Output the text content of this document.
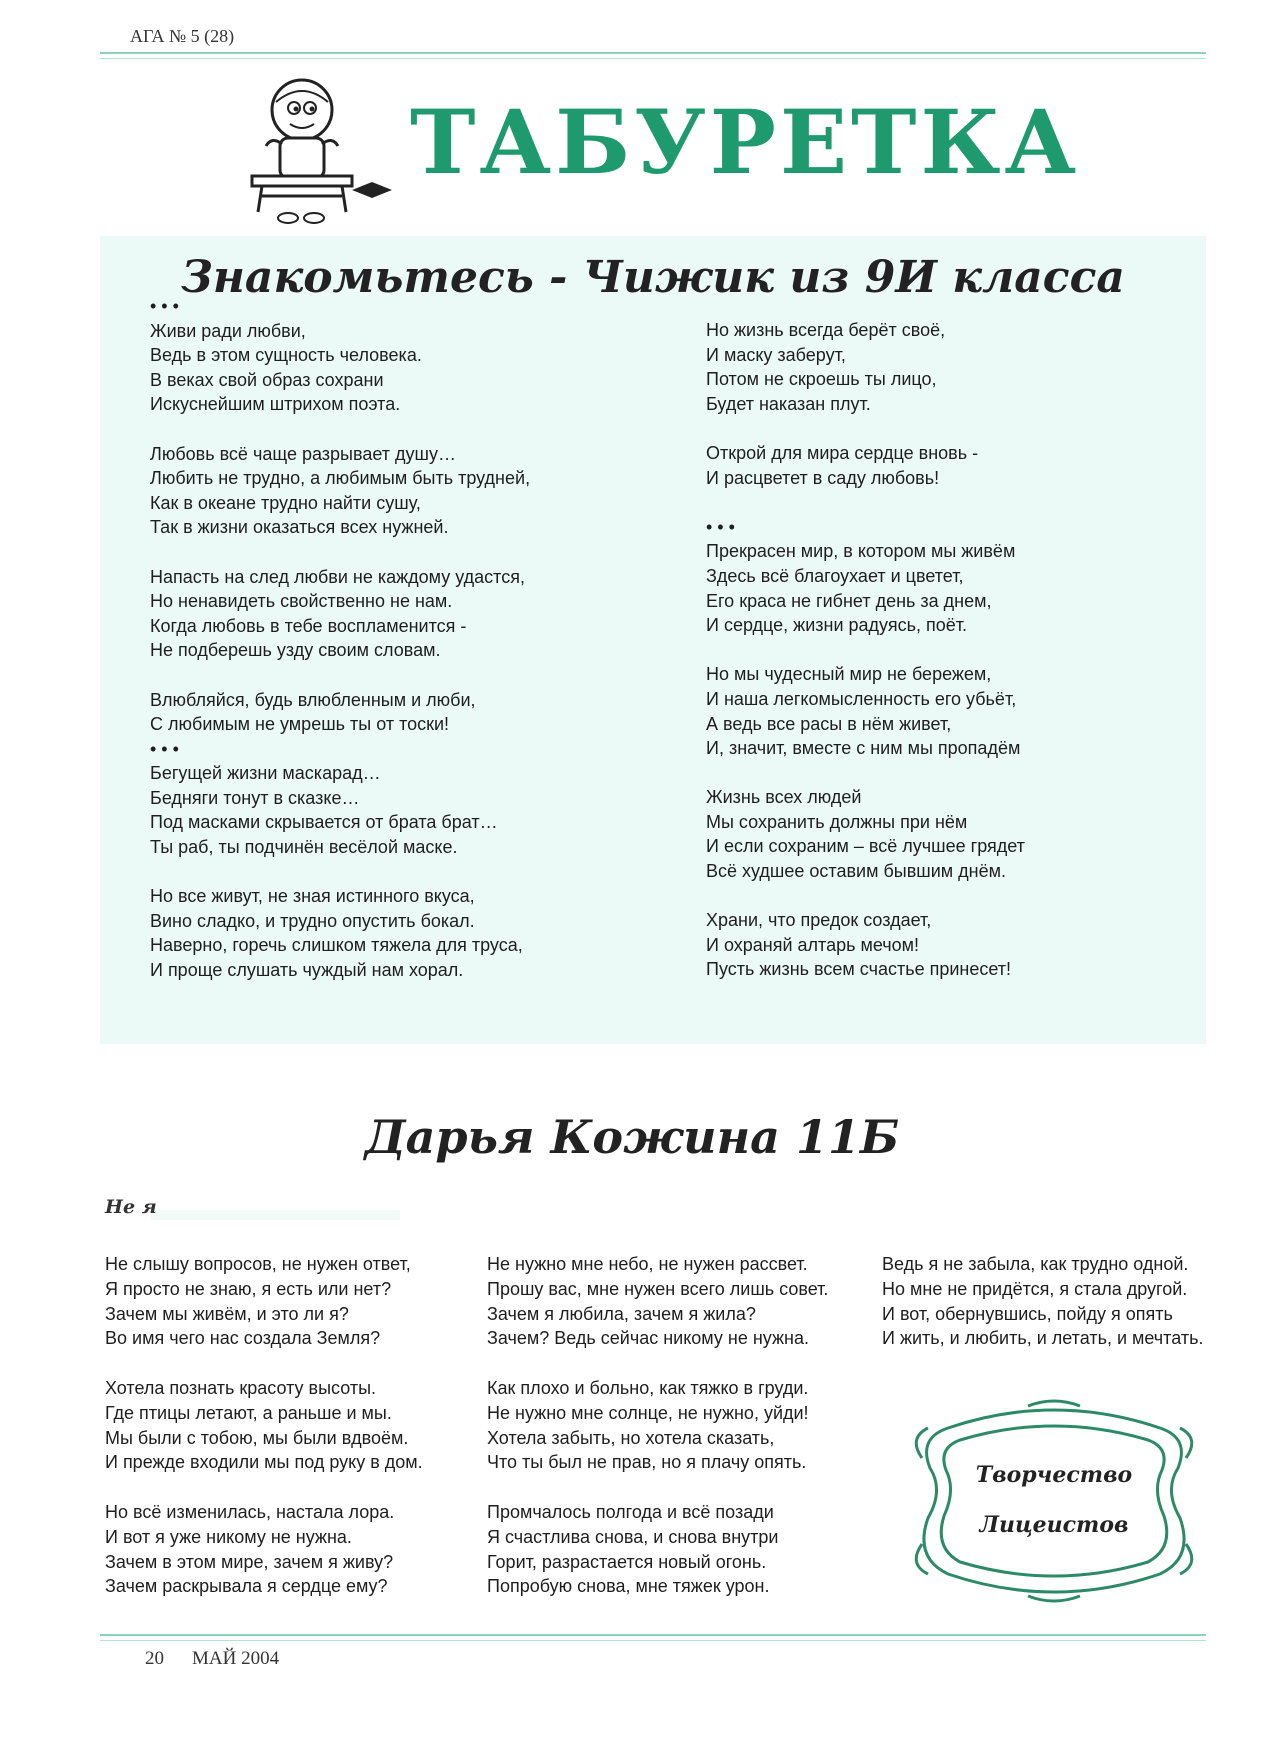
АГА № 5 (28)
ТАБУРЕТКА
Знакомьтесь - Чижик из 9И класса
• • •
Живи ради любви,
Ведь в этом сущность человека.
В веках свой образ сохрани
Искуснейшим штрихом поэта.

Любовь всё чаще разрывает душу…
Любить не трудно, а любимым быть трудней,
Как в океане трудно найти сушу,
Так в жизни оказаться всех нужней.

Напасть на след любви не каждому удастся,
Но ненавидеть свойственно не нам.
Когда любовь в тебе воспламенится -
Не подберешь узду своим словам.

Влюбляйся, будь влюбленным и люби,
С любимым не умрешь ты от тоски!
• • •
Бегущей жизни маскарад…
Бедняги тонут в сказке…
Под масками скрывается от брата брат…
Ты раб, ты подчинён весёлой маске.

Но все живут, не зная истинного вкуса,
Вино сладко, и трудно опустить бокал.
Наверно, горечь слишком тяжела для труса,
И проще слушать чуждый нам хорал.
Но жизнь всегда берёт своё,
И маску заберут,
Потом не скроешь ты лицо,
Будет наказан плут.

Открой для мира сердце вновь -
И расцветет в саду любовь!

• • •
Прекрасен мир, в котором мы живём
Здесь всё благоухает и цветет,
Его краса не гибнет день за днем,
И сердце, жизни радуясь, поёт.

Но мы чудесный мир не бережем,
И наша легкомысленность его убьёт,
А ведь все расы в нём живет,
И, значит, вместе с ним мы пропадём

Жизнь всех людей
Мы сохранить должны при нём
И если сохраним – всё лучшее грядет
Всё худшее оставим бывшим днём.

Храни, что предок создает,
И охраняй алтарь мечом!
Пусть жизнь всем счастье принесет!
Дарья Кожина 11Б
Не я
Не слышу вопросов, не нужен ответ,
Я просто не знаю, я есть или нет?
Зачем мы живём, и это ли я?
Во имя чего нас создала Земля?

Хотела познать красоту высоты.
Где птицы летают, а раньше и мы.
Мы были с тобою, мы были вдвоём.
И прежде входили мы под руку в дом.

Но всё изменилась, настала лора.
И вот я уже никому не нужна.
Зачем в этом мире, зачем я живу?
Зачем раскрывала я сердце ему?
Не нужно мне небо, не нужен рассвет.
Прошу вас, мне нужен всего лишь совет.
Зачем я любила, зачем я жила?
Зачем? Ведь сейчас никому не нужна.

Как плохо и больно, как тяжко в груди.
Не нужно мне солнце, не нужно, уйди!
Хотела забыть, но хотела сказать,
Что ты был не прав, но я плачу опять.

Промчалось полгода и всё позади
Я счастлива снова, и снова внутри
Горит, разрастается новый огонь.
Попробую снова, мне тяжек урон.
Ведь я не забыла, как трудно одной.
Но мне не придётся, я стала другой.
И вот, обернувшись, пойду я опять
И жить, и любить, и летать, и мечтать.
Творчество
Лицеистов
20 МАЙ 2004
